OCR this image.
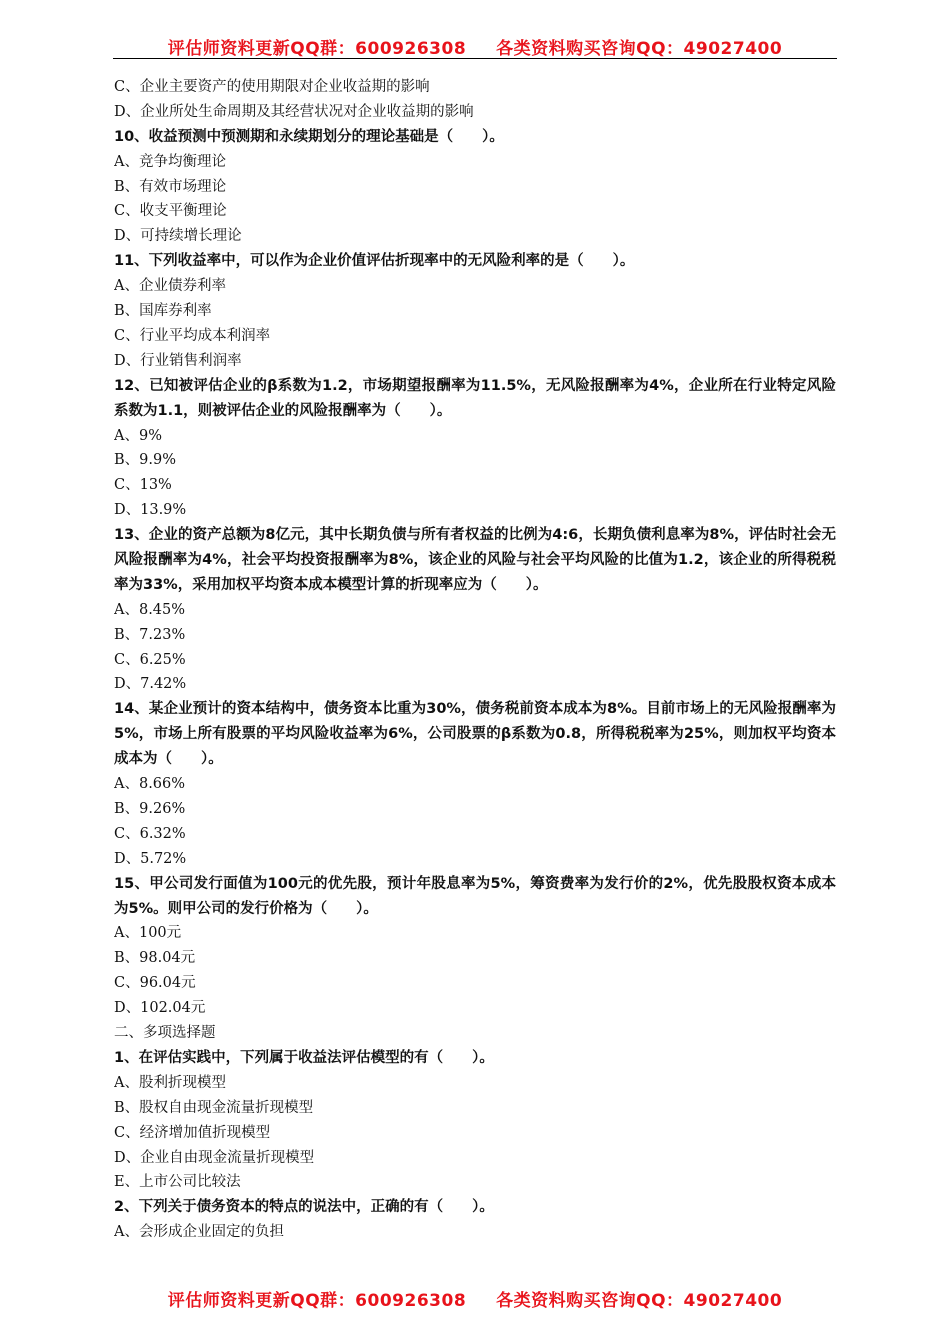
评估师资料更新QQ群：600926308 各类资料购买咨询QQ：49027400
C、企业主要资产的使用期限对企业收益期的影响
D、企业所处生命周期及其经营状况对企业收益期的影响
10、收益预测中预测期和永续期划分的理论基础是（　　）。
A、竞争均衡理论
B、有效市场理论
C、收支平衡理论
D、可持续增长理论
11、下列收益率中，可以作为企业价值评估折现率中的无风险利率的是（　　）。
A、企业债券利率
B、国库券利率
C、行业平均成本利润率
D、行业销售利润率
12、已知被评估企业的β系数为1.2，市场期望报酬率为11.5%，无风险报酬率为4%，企业所在行业特定风险系数为1.1，则被评估企业的风险报酬率为（　　）。
A、9%
B、9.9%
C、13%
D、13.9%
13、企业的资产总额为8亿元，其中长期负债与所有者权益的比例为4:6，长期负债利息率为8%，评估时社会无风险报酬率为4%，社会平均投资报酬率为8%，该企业的风险与社会平均风险的比值为1.2，该企业的所得税税率为33%，采用加权平均资本成本模型计算的折现率应为（　　）。
A、8.45%
B、7.23%
C、6.25%
D、7.42%
14、某企业预计的资本结构中，债务资本比重为30%，债务税前资本成本为8%。目前市场上的无风险报酬率为5%，市场上所有股票的平均风险收益率为6%，公司股票的β系数为0.8，所得税税率为25%，则加权平均资本成本为（　　）。
A、8.66%
B、9.26%
C、6.32%
D、5.72%
15、甲公司发行面值为100元的优先股，预计年股息率为5%，筹资费率为发行价的2%，优先股股权资本成本为5%。则甲公司的发行价格为（　　）。
A、100元
B、98.04元
C、96.04元
D、102.04元
二、多项选择题
1、在评估实践中，下列属于收益法评估模型的有（　　）。
A、股利折现模型
B、股权自由现金流量折现模型
C、经济增加值折现模型
D、企业自由现金流量折现模型
E、上市公司比较法
2、下列关于债务资本的特点的说法中，正确的有（　　）。
A、会形成企业固定的负担
评估师资料更新QQ群：600926308 各类资料购买咨询QQ：49027400
